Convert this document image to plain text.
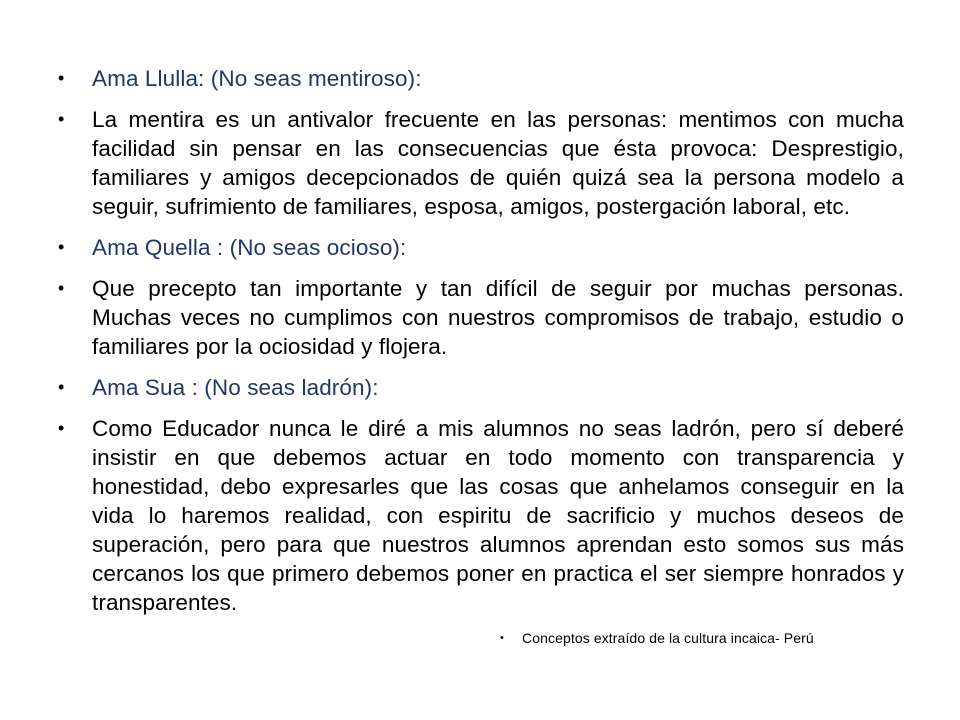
• Ama Llulla: (No seas mentiroso):
• La mentira es un antivalor frecuente en las personas: mentimos con mucha facilidad sin pensar en las consecuencias que ésta provoca: Desprestigio, familiares y amigos decepcionados de quién quizá sea la persona modelo a seguir, sufrimiento de familiares, esposa, amigos, postergación laboral, etc.
• Ama Quella : (No seas ocioso):
• Que precepto tan importante y tan difícil de seguir por muchas personas. Muchas veces no cumplimos con nuestros compromisos de trabajo, estudio o familiares por la ociosidad y flojera.
• Ama Sua : (No seas ladrón):
• Como Educador nunca le diré a mis alumnos no seas ladrón, pero sí deberé insistir en que debemos actuar en todo momento con transparencia y honestidad, debo expresarles que las cosas que anhelamos conseguir en la vida lo haremos realidad, con espiritu de sacrificio y muchos deseos de superación, pero para que nuestros alumnos aprendan esto somos sus más cercanos los que primero debemos poner en practica el ser siempre honrados y transparentes.
• Conceptos extraído de la cultura incaica- Perú
